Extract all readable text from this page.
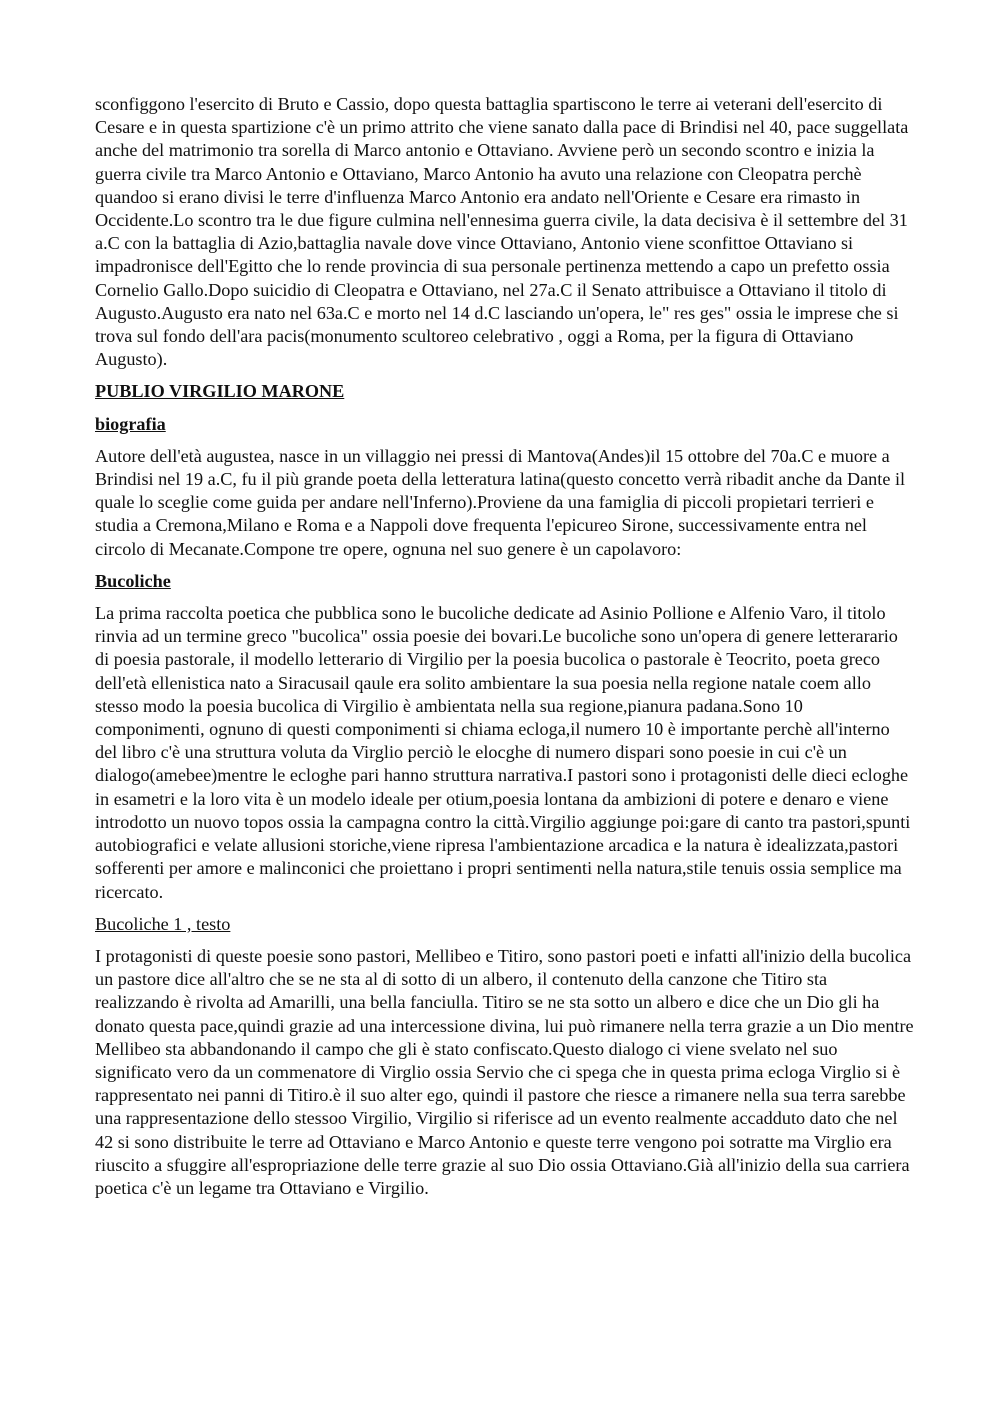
sconfiggono l'esercito di Bruto e Cassio, dopo questa battaglia spartiscono le terre ai veterani dell'esercito di Cesare e in questa spartizione c'è un primo attrito che viene sanato dalla pace di Brindisi nel 40, pace suggellata anche del matrimonio tra sorella di Marco antonio e Ottaviano. Avviene però un secondo scontro e inizia la guerra civile tra Marco Antonio e Ottaviano, Marco Antonio ha avuto una relazione con Cleopatra perchè quandoo si erano divisi le terre d'influenza Marco Antonio era andato nell'Oriente e Cesare era rimasto in Occidente.Lo scontro tra le due figure culmina nell'ennesima guerra civile, la data decisiva è il settembre del 31 a.C con la battaglia di Azio,battaglia navale dove vince Ottaviano, Antonio viene sconfittoe Ottaviano si impadronisce dell'Egitto che lo rende provincia di sua personale pertinenza mettendo a capo un prefetto ossia Cornelio Gallo.Dopo suicidio di Cleopatra e Ottaviano, nel 27a.C il Senato attribuisce a Ottaviano il titolo di Augusto.Augusto era nato nel 63a.C e morto nel 14 d.C lasciando un'opera, le" res ges" ossia le imprese che si trova sul fondo dell'ara pacis(monumento scultoreo celebrativo , oggi a Roma, per la figura di Ottaviano Augusto).

PUBLIO VIRGILIO MARONE
biografia

Autore dell'età augustea, nasce in un villaggio nei pressi di Mantova(Andes)il 15 ottobre del 70a.C e muore a Brindisi nel 19 a.C, fu il più grande poeta della letteratura latina(questo concetto verrà ribadit anche da Dante il quale lo sceglie come guida per andare nell'Inferno).Proviene da una famiglia di piccoli propietari terrieri e studia a Cremona,Milano e Roma e a Nappoli dove frequenta l'epicureo Sirone, successivamente entra nel circolo di Mecanate.Compone tre opere, ognuna nel suo genere è un capolavoro:

Bucoliche

La prima raccolta poetica che pubblica sono le bucoliche dedicate ad Asinio Pollione e Alfenio Varo, il titolo rinvia ad un termine greco "bucolica" ossia poesie dei bovari.Le bucoliche sono un'opera di genere letterarario di poesia pastorale, il modello letterario di Virgilio per la poesia bucolica o pastorale è Teocrito, poeta greco dell'età ellenistica nato a Siracusail qaule era solito ambientare la sua poesia nella regione natale coem allo stesso modo la poesia bucolica di Virgilio è ambientata nella sua regione,pianura padana.Sono 10 componimenti, ognuno di questi componimenti si chiama ecloga,il numero 10 è importante perchè all'interno del libro c'è una struttura voluta da Virglio perciò le elocghe di numero dispari sono poesie in cui c'è un dialogo(amebee)mentre le ecloghe pari hanno struttura narrativa.I pastori sono i protagonisti delle dieci ecloghe in esametri e la loro vita è un modelo ideale per otium,poesia lontana da ambizioni di potere e denaro e viene introdotto un nuovo topos ossia la campagna contro la città.Virgilio aggiunge poi:gare di canto tra pastori,spunti autobiografici e velate allusioni storiche,viene ripresa l'ambientazione arcadica e la natura è idealizzata,pastori sofferenti per amore e malinconici che proiettano i propri sentimenti nella natura,stile tenuis ossia semplice ma ricercato.

Bucoliche 1 , testo

I protagonisti di queste poesie sono pastori, Mellibeo e Titiro, sono pastori poeti e infatti all'inizio della bucolica un pastore dice all'altro che se ne sta al di sotto di un albero, il contenuto della canzone che Titiro sta realizzando è rivolta ad Amarilli, una bella fanciulla. Titiro se ne sta sotto un albero e dice che un Dio gli ha donato questa pace,quindi grazie ad una intercessione divina, lui può rimanere nella terra grazie a un Dio mentre Mellibeo sta abbandonando il campo che gli è stato confiscato.Questo dialogo ci viene svelato nel suo significato vero da un commenatore di Virglio ossia Servio che ci spega che in questa prima ecloga Virglio si è rappresentato nei panni di Titiro.è il suo alter ego, quindi il pastore che riesce a rimanere nella sua terra sarebbe una rappresentazione dello stessoo Virgilio, Virgilio si riferisce ad un evento realmente accadduto dato che nel 42 si sono distribuite le terre ad Ottaviano e Marco Antonio e queste terre vengono poi sotratte ma Virglio era riuscito a sfuggire all'espropriazione delle terre grazie al suo Dio ossia Ottaviano.Già all'inizio della sua carriera poetica c'è un legame tra Ottaviano e Virgilio.
